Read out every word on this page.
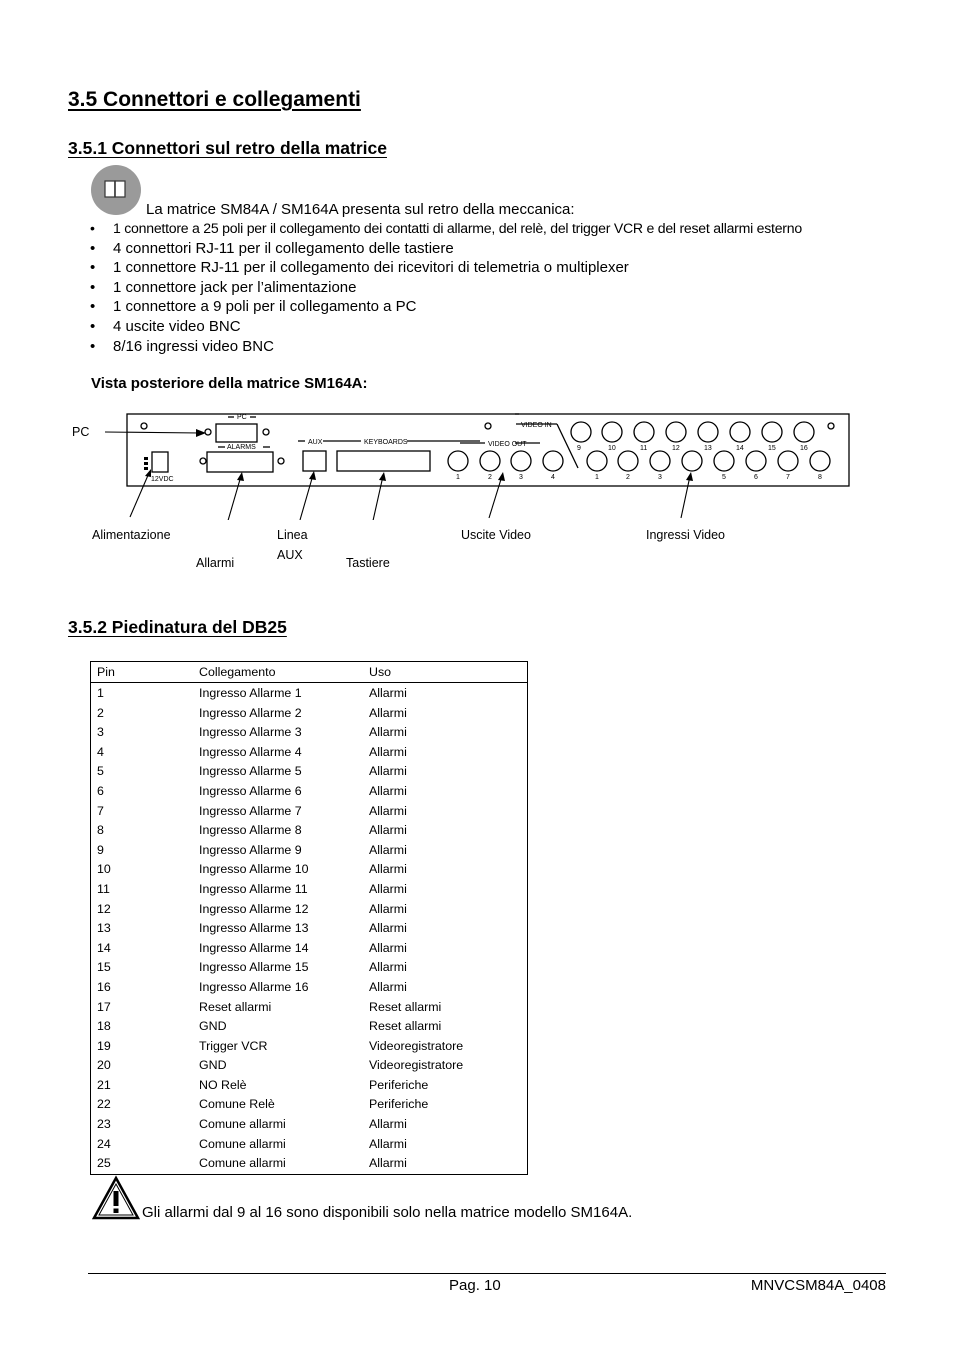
3.5 Connettori e collegamenti
3.5.1 Connettori sul retro della matrice
La matrice SM84A / SM164A presenta sul retro della meccanica:
• 1 connettore a 25 poli per il collegamento dei contatti di allarme, del relè, del trigger VCR e del reset allarmi esterno
• 4 connettori RJ-11 per il collegamento delle tastiere
• 1 connettore RJ-11 per il collegamento dei ricevitori di telemetria o multiplexer
• 1 connettore jack per l’alimentazione
• 1 connettore a 9 poli per il collegamento a PC
• 4 uscite video BNC
• 8/16 ingressi video BNC
Vista posteriore della matrice SM164A:
PC
ALARMS
AUX	KEYBOARDS	VIDEO OUT
VIDEO IN
12VDC	1	2	3	4
9	10	11	12	13	14	15	16
1	2	3	5	6	7	8
PC
Alimentazione
Allarmi
Linea
AUX
Tastiere
Uscite Video	Ingressi Video
3.5.2 Piedinatura del DB25
Pin	Collegamento	Uso
1	Ingresso Allarme 1	Allarmi
2	Ingresso Allarme 2	Allarmi
3	Ingresso Allarme 3	Allarmi
4	Ingresso Allarme 4	Allarmi
5	Ingresso Allarme 5	Allarmi
6	Ingresso Allarme 6	Allarmi
7	Ingresso Allarme 7	Allarmi
8	Ingresso Allarme 8	Allarmi
9	Ingresso Allarme 9	Allarmi
10	Ingresso Allarme 10	Allarmi
11	Ingresso Allarme 11	Allarmi
12	Ingresso Allarme 12	Allarmi
13	Ingresso Allarme 13	Allarmi
14	Ingresso Allarme 14	Allarmi
15	Ingresso Allarme 15	Allarmi
16	Ingresso Allarme 16	Allarmi
17	Reset allarmi	Reset allarmi
18	GND	Reset allarmi
19	Trigger VCR	Videoregistratore
20	GND	Videoregistratore
21	NO Relè	Periferiche
22	Comune Relè	Periferiche
23	Comune allarmi	Allarmi
24	Comune allarmi	Allarmi
25	Comune allarmi	Allarmi
Gli allarmi dal 9 al 16 sono disponibili solo nella matrice modello SM164A.
Pag. 10	MNVCSM84A_0408
